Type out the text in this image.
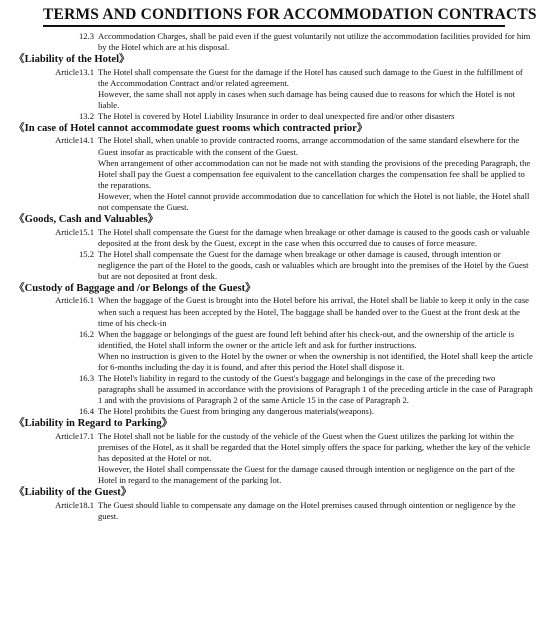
TERMS AND CONDITIONS FOR ACCOMMODATION CONTRACTS
12.3 Accommodation Charges, shall be paid even if the guest voluntarily not utilize the accommodation facilities provided for him by the Hotel which are at his disposal.

《Liability of the Hotel》
Article13.1 The Hotel shall compensate the Guest for the damage if the Hotel has caused such damage to the Guest in the fulfillment of the Accommodation Contract and/or related agreement.

However, the same shall not apply in cases when such damage has being caused due to reasons for which the Hotel is not liable.

13.2 The Hotel is covered by Hotel Liability Insurance in order to deal unexpected fire and/or other disasters

《In case of Hotel cannot accommodate guest rooms which contracted prior》
Article14.1 The Hotel shall, when unable to provide contracted rooms, arrange accommodation of the same standard elsewhere for the Guest insofar as practicable with the consent of the Guest.

When arrangement of other accommodation can not be made not with standing the provisions of the preceding Paragraph, the Hotel shall pay the Guest a compensation fee equivalent to the cancellation charges the compensation fee shall be applied to the reparations.

However, when the Hotel cannot provide accommodation due to cancellation for which the Hotel is not liable, the Hotel shall not compensate the Guest.

《Goods, Cash and Valuables》
Article15.1 The Hotel shall compensate the Guest for the damage when breakage or other damage is caused to the goods cash or valuable deposited at the front desk by the Guest, except in the case when this occurred due to causes of force measure.

15.2 The Hotel shall compensate the Guest for the damage when breakage or other damage is caused, through intention or negligence the part of the Hotel to the goods, cash or valuables which are brought into the premises of the Hotel by the Guest but are not deposited at front desk.

《Custody of Baggage and /or Belongs of the Guest》
Article16.1 When the baggage of the Guest is brought into the Hotel before his arrival, the Hotel shall be liable to keep it only in the case when such a request has been accepted by the Hotel, The baggage shall be handed over to the Guest at the front desk at the time of his check-in

16.2 When the baggage or belongings of the guest are found left behind after his check-out, and the ownership of the article is identified, the Hotel shall inform the owner or the article left and ask for further instructions.

When no instruction is given to the Hotel by the owner or when the ownership is not identified, the Hotel shall keep the article for 6-months including the day it is found, and after this period the Hotel shall dispose it.

16.3 The Hotel's liability in regard to the custody of the Guest's baggage and belongings in the case of the preceding two paragraphs shall be assumed in accordance with the provisions of Paragraph 1 of the preceding article in the case of Paragraph 1 and with the provisions of Paragraph 2 of the same Article 15 in the case of Paragraph 2.

16.4 The Hotel prohibits the Guest from bringing any dangerous materials(weapons).

《Liability in Regard to Parking》
Article17.1 The Hotel shall not be liable for the custody of the vehicle of the Guest when the Guest utilizes the parking lot within the premises of the Hotel, as it shall be regarded that the Hotel simply offers the space for parking, whether the key of the vehicle has deposited at the Hotel or not.

However, the Hotel shall compenssate the Guest for the damage caused through intention or negligence on the part of the Hotel in regard to the management of the parking lot.

《Liability of the Guest》
Article18.1 The Guest should liable to compensate any damage on the Hotel premises caused through ointention or negligence by the guest.
